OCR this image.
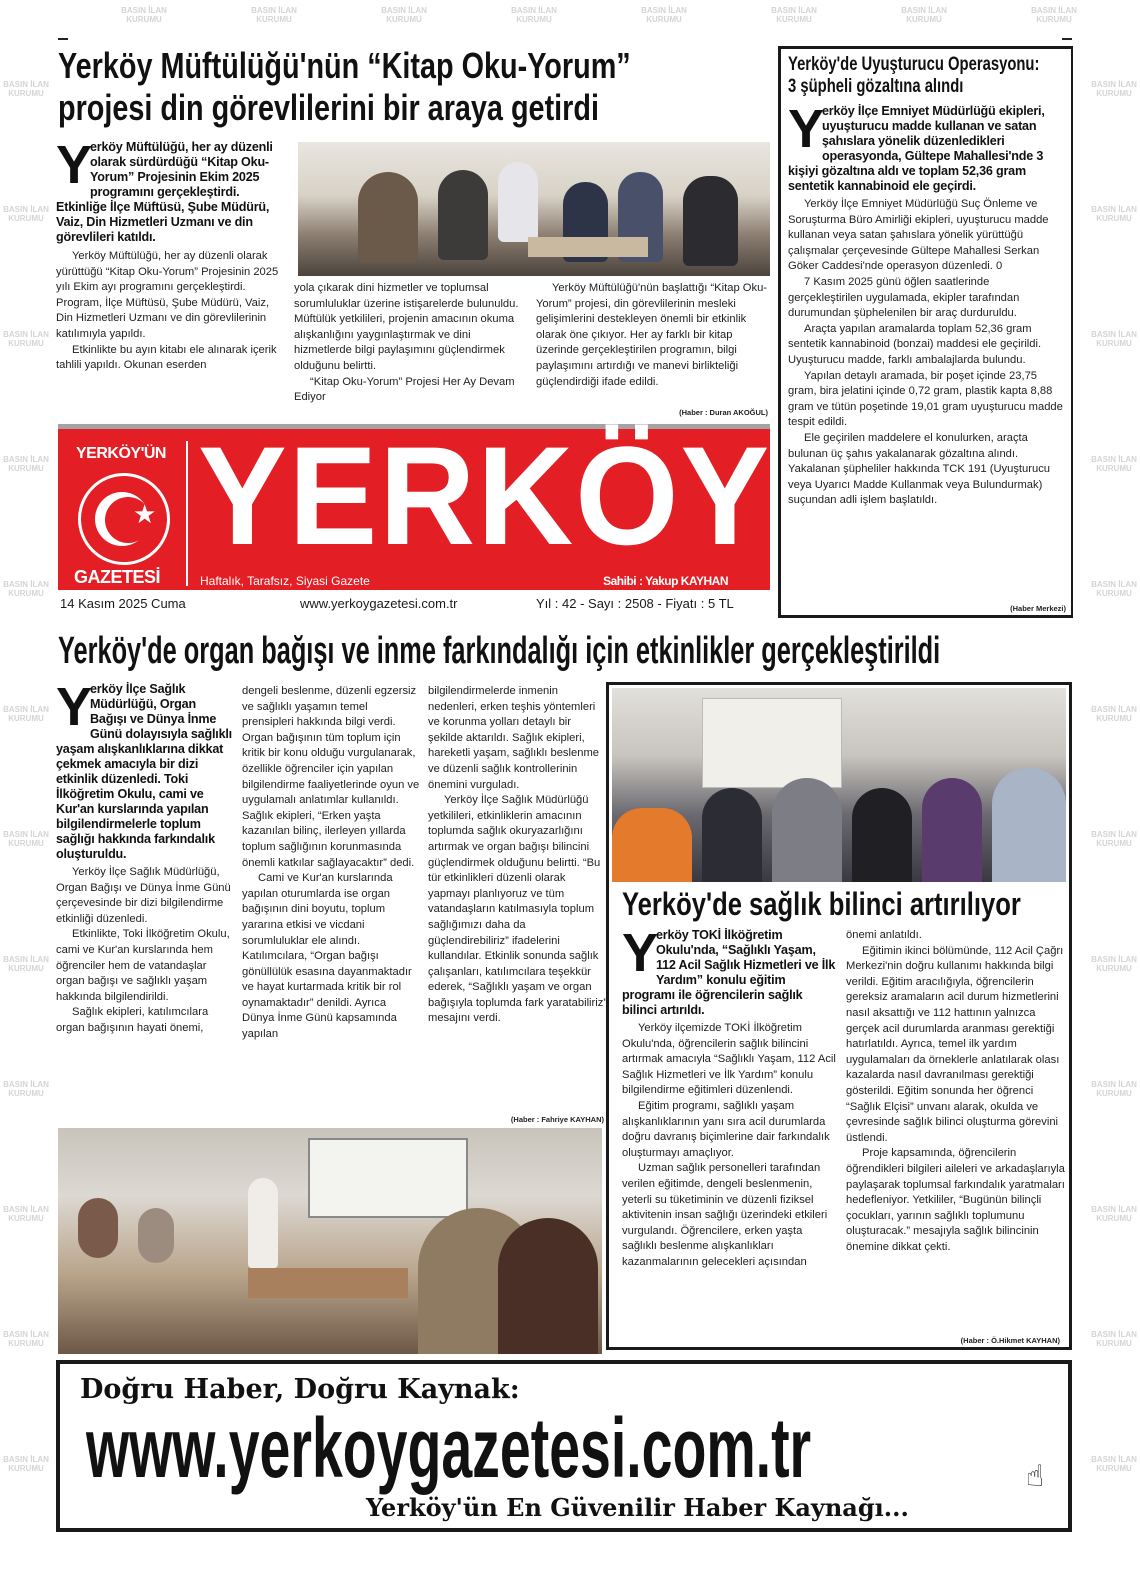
Yerköy Müftülüğü'nün “Kitap Oku-Yorum”
projesi din görevlilerini bir araya getirdi
Y
erköy Müftülüğü, her ay düzenli olarak sürdürdüğü “Kitap Oku-Yorum” Projesinin Ekim 2025 programını gerçekleştirdi. Etkinliğe İlçe Müftüsü, Şube Müdürü, Vaiz, Din Hizmetleri Uzmanı ve din görevlileri katıldı.

Yerköy Müftülüğü, her ay düzenli olarak yürüttüğü “Kitap Oku-Yorum” Projesinin 2025 yılı Ekim ayı programını gerçekleştirdi. Program, İlçe Müftüsü, Şube Müdürü, Vaiz, Din Hizmetleri Uzmanı ve din görevlilerinin katılımıyla yapıldı.

Etkinlikte bu ayın kitabı ele alınarak içerik tahlili yapıldı. Okunan eserden

yola çıkarak dini hizmetler ve toplumsal sorumluluklar üzerine istişarelerde bulunuldu. Müftülük yetkilileri, projenin amacının okuma alışkanlığını yaygınlaştırmak ve dini hizmetlerde bilgi paylaşımını güçlendirmek olduğunu belirtti.

“Kitap Oku-Yorum” Projesi Her Ay Devam Ediyor

Yerköy Müftülüğü'nün başlattığı “Kitap Oku-Yorum” projesi, din görevlilerinin mesleki gelişimlerini destekleyen önemli bir etkinlik olarak öne çıkıyor. Her ay farklı bir kitap üzerinde gerçekleştirilen programın, bilgi paylaşımını artırdığı ve manevi birlikteliği güçlendirdiği ifade edildi.

(Haber : Duran AKOĞUL)
Yerköy'de Uyuşturucu Operasyonu:
3 şüpheli gözaltına alındı
Y
erköy İlçe Emniyet Müdürlüğü ekipleri, uyuşturucu madde kullanan ve satan şahıslara yönelik düzenledikleri operasyonda, Gültepe Mahallesi'nde 3 kişiyi gözaltına aldı ve toplam 52,36 gram sentetik kannabinoid ele geçirdi.

Yerköy İlçe Emniyet Müdürlüğü Suç Önleme ve Soruşturma Büro Amirliği ekipleri, uyuşturucu madde kullanan veya satan şahıslara yönelik yürüttüğü çalışmalar çerçevesinde Gültepe Mahallesi Serkan Göker Caddesi'nde operasyon düzenledi. 0

7 Kasım 2025 günü öğlen saatlerinde gerçekleştirilen uygulamada, ekipler tarafından durumundan şüphelenilen bir araç durduruldu.

Araçta yapılan aramalarda toplam 52,36 gram sentetik kannabinoid (bonzai) maddesi ele geçirildi. Uyuşturucu madde, farklı ambalajlarda bulundu.

Yapılan detaylı aramada, bir poşet içinde 23,75 gram, bira jelatini içinde 0,72 gram, plastik kapta 8,88 gram ve tütün poşetinde 19,01 gram uyuşturucu madde tespit edildi.

Ele geçirilen maddelere el konulurken, araçta bulunan üç şahıs yakalanarak gözaltına alındı. Yakalanan şüpheliler hakkında TCK 191 (Uyuşturucu veya Uyarıcı Madde Kullanmak veya Bulundurmak) suçundan adli işlem başlatıldı.

(Haber Merkezi)
YERKÖY'ÜN
★
GAZETESİ
YERKÖY
Haftalık, Tarafsız, Siyasi Gazete	Sahibi : Yakup KAYHAN
14 Kasım 2025 Cuma	www.yerkoygazetesi.com.tr	Yıl : 42 - Sayı : 2508 - Fiyatı : 5 TL
Yerköy'de organ bağışı ve inme farkındalığı için etkinlikler gerçekleştirildi
Y
erköy İlçe Sağlık Müdürlüğü, Organ Bağışı ve Dünya İnme Günü dolayısıyla sağlıklı yaşam alışkanlıklarına dikkat çekmek amacıyla bir dizi etkinlik düzenledi. Toki İlköğretim Okulu, cami ve Kur'an kurslarında yapılan bilgilendirmelerle toplum sağlığı hakkında farkındalık oluşturuldu.

Yerköy İlçe Sağlık Müdürlüğü, Organ Bağışı ve Dünya İnme Günü çerçevesinde bir dizi bilgilendirme etkinliği düzenledi.

Etkinlikte, Toki İlköğretim Okulu, cami ve Kur'an kurslarında hem öğrenciler hem de vatandaşlar organ bağışı ve sağlıklı yaşam hakkında bilgilendirildi.

Sağlık ekipleri, katılımcılara organ bağışının hayati önemi,

dengeli beslenme, düzenli egzersiz ve sağlıklı yaşamın temel prensipleri hakkında bilgi verdi. Organ bağışının tüm toplum için kritik bir konu olduğu vurgulanarak, özellikle öğrenciler için yapılan bilgilendirme faaliyetlerinde oyun ve uygulamalı anlatımlar kullanıldı. Sağlık ekipleri, “Erken yaşta kazanılan bilinç, ilerleyen yıllarda toplum sağlığının korunmasında önemli katkılar sağlayacaktır” dedi.

Cami ve Kur'an kurslarında yapılan oturumlarda ise organ bağışının dini boyutu, toplum yararına etkisi ve vicdani sorumluluklar ele alındı. Katılımcılara, “Organ bağışı gönüllülük esasına dayanmaktadır ve hayat kurtarmada kritik bir rol oynamaktadır” denildi. Ayrıca Dünya İnme Günü kapsamında yapılan

bilgilendirmelerde inmenin nedenleri, erken teşhis yöntemleri ve korunma yolları detaylı bir şekilde aktarıldı. Sağlık ekipleri, hareketli yaşam, sağlıklı beslenme ve düzenli sağlık kontrollerinin önemini vurguladı.

Yerköy İlçe Sağlık Müdürlüğü yetkilileri, etkinliklerin amacının toplumda sağlık okuryazarlığını artırmak ve organ bağışı bilincini güçlendirmek olduğunu belirtti. “Bu tür etkinlikleri düzenli olarak yapmayı planlıyoruz ve tüm vatandaşların katılmasıyla toplum sağlığımızı daha da güçlendirebiliriz” ifadelerini kullandılar. Etkinlik sonunda sağlık çalışanları, katılımcılara teşekkür ederek, “Sağlıklı yaşam ve organ bağışıyla toplumda fark yaratabiliriz” mesajını verdi.

(Haber : Fahriye KAYHAN)
Yerköy'de sağlık bilinci artırılıyor
Y
erköy TOKİ İlköğretim Okulu'nda, “Sağlıklı Yaşam, 112 Acil Sağlık Hizmetleri ve İlk Yardım” konulu eğitim programı ile öğrencilerin sağlık bilinci artırıldı.

Yerköy ilçemizde TOKİ İlköğretim Okulu'nda, öğrencilerin sağlık bilincini artırmak amacıyla “Sağlıklı Yaşam, 112 Acil Sağlık Hizmetleri ve İlk Yardım” konulu bilgilendirme eğitimleri düzenlendi.

Eğitim programı, sağlıklı yaşam alışkanlıklarının yanı sıra acil durumlarda doğru davranış biçimlerine dair farkındalık oluşturmayı amaçlıyor.

Uzman sağlık personelleri tarafından verilen eğitimde, dengeli beslenmenin, yeterli su tüketiminin ve düzenli fiziksel aktivitenin insan sağlığı üzerindeki etkileri vurgulandı. Öğrencilere, erken yaşta sağlıklı beslenme alışkanlıkları kazanmalarının gelecekleri açısından

önemi anlatıldı.

Eğitimin ikinci bölümünde, 112 Acil Çağrı Merkezi'nin doğru kullanımı hakkında bilgi verildi. Eğitim aracılığıyla, öğrencilerin gereksiz aramaların acil durum hizmetlerini nasıl aksattığı ve 112 hattının yalnızca gerçek acil durumlarda aranması gerektiği hatırlatıldı. Ayrıca, temel ilk yardım uygulamaları da örneklerle anlatılarak olası kazalarda nasıl davranılması gerektiği gösterildi. Eğitim sonunda her öğrenci “Sağlık Elçisi” unvanı alarak, okulda ve çevresinde sağlık bilinci oluşturma görevini üstlendi.

Proje kapsamında, öğrencilerin öğrendikleri bilgileri aileleri ve arkadaşlarıyla paylaşarak toplumsal farkındalık yaratmaları hedefleniyor. Yetkililer, “Bugünün bilinçli çocukları, yarının sağlıklı toplumunu oluşturacak.” mesajıyla sağlık bilincinin önemine dikkat çekti.

(Haber : Ö.Hikmet KAYHAN)
Doğru Haber, Doğru Kaynak:
www.yerkoygazetesi.com.tr	☝
Yerköy'ün En Güvenilir Haber Kaynağı...
BASIN İLAN
KURUMU
BASIN İLAN
KURUMU
BASIN İLAN
KURUMU
BASIN İLAN
KURUMU
BASIN İLAN
KURUMU
BASIN İLAN
KURUMU
BASIN İLAN
KURUMU
BASIN İLAN
KURUMU
BASIN İLAN
KURUMU
BASIN İLAN
KURUMU
BASIN İLAN
KURUMU
BASIN İLAN
KURUMU
BASIN İLAN
KURUMU
BASIN İLAN
KURUMU
BASIN İLAN
KURUMU
BASIN İLAN
KURUMU
BASIN İLAN
KURUMU
BASIN İLAN
KURUMU
BASIN İLAN
KURUMU
BASIN İLAN
KURUMU
BASIN İLAN
KURUMU
BASIN İLAN
KURUMU
BASIN İLAN
KURUMU
BASIN İLAN
KURUMU
BASIN İLAN
KURUMU
BASIN İLAN
KURUMU
BASIN İLAN
KURUMU
BASIN İLAN
KURUMU
BASIN İLAN
KURUMU
BASIN İLAN
KURUMU
BASIN İLAN
KURUMU
BASIN İLAN
KURUMU
